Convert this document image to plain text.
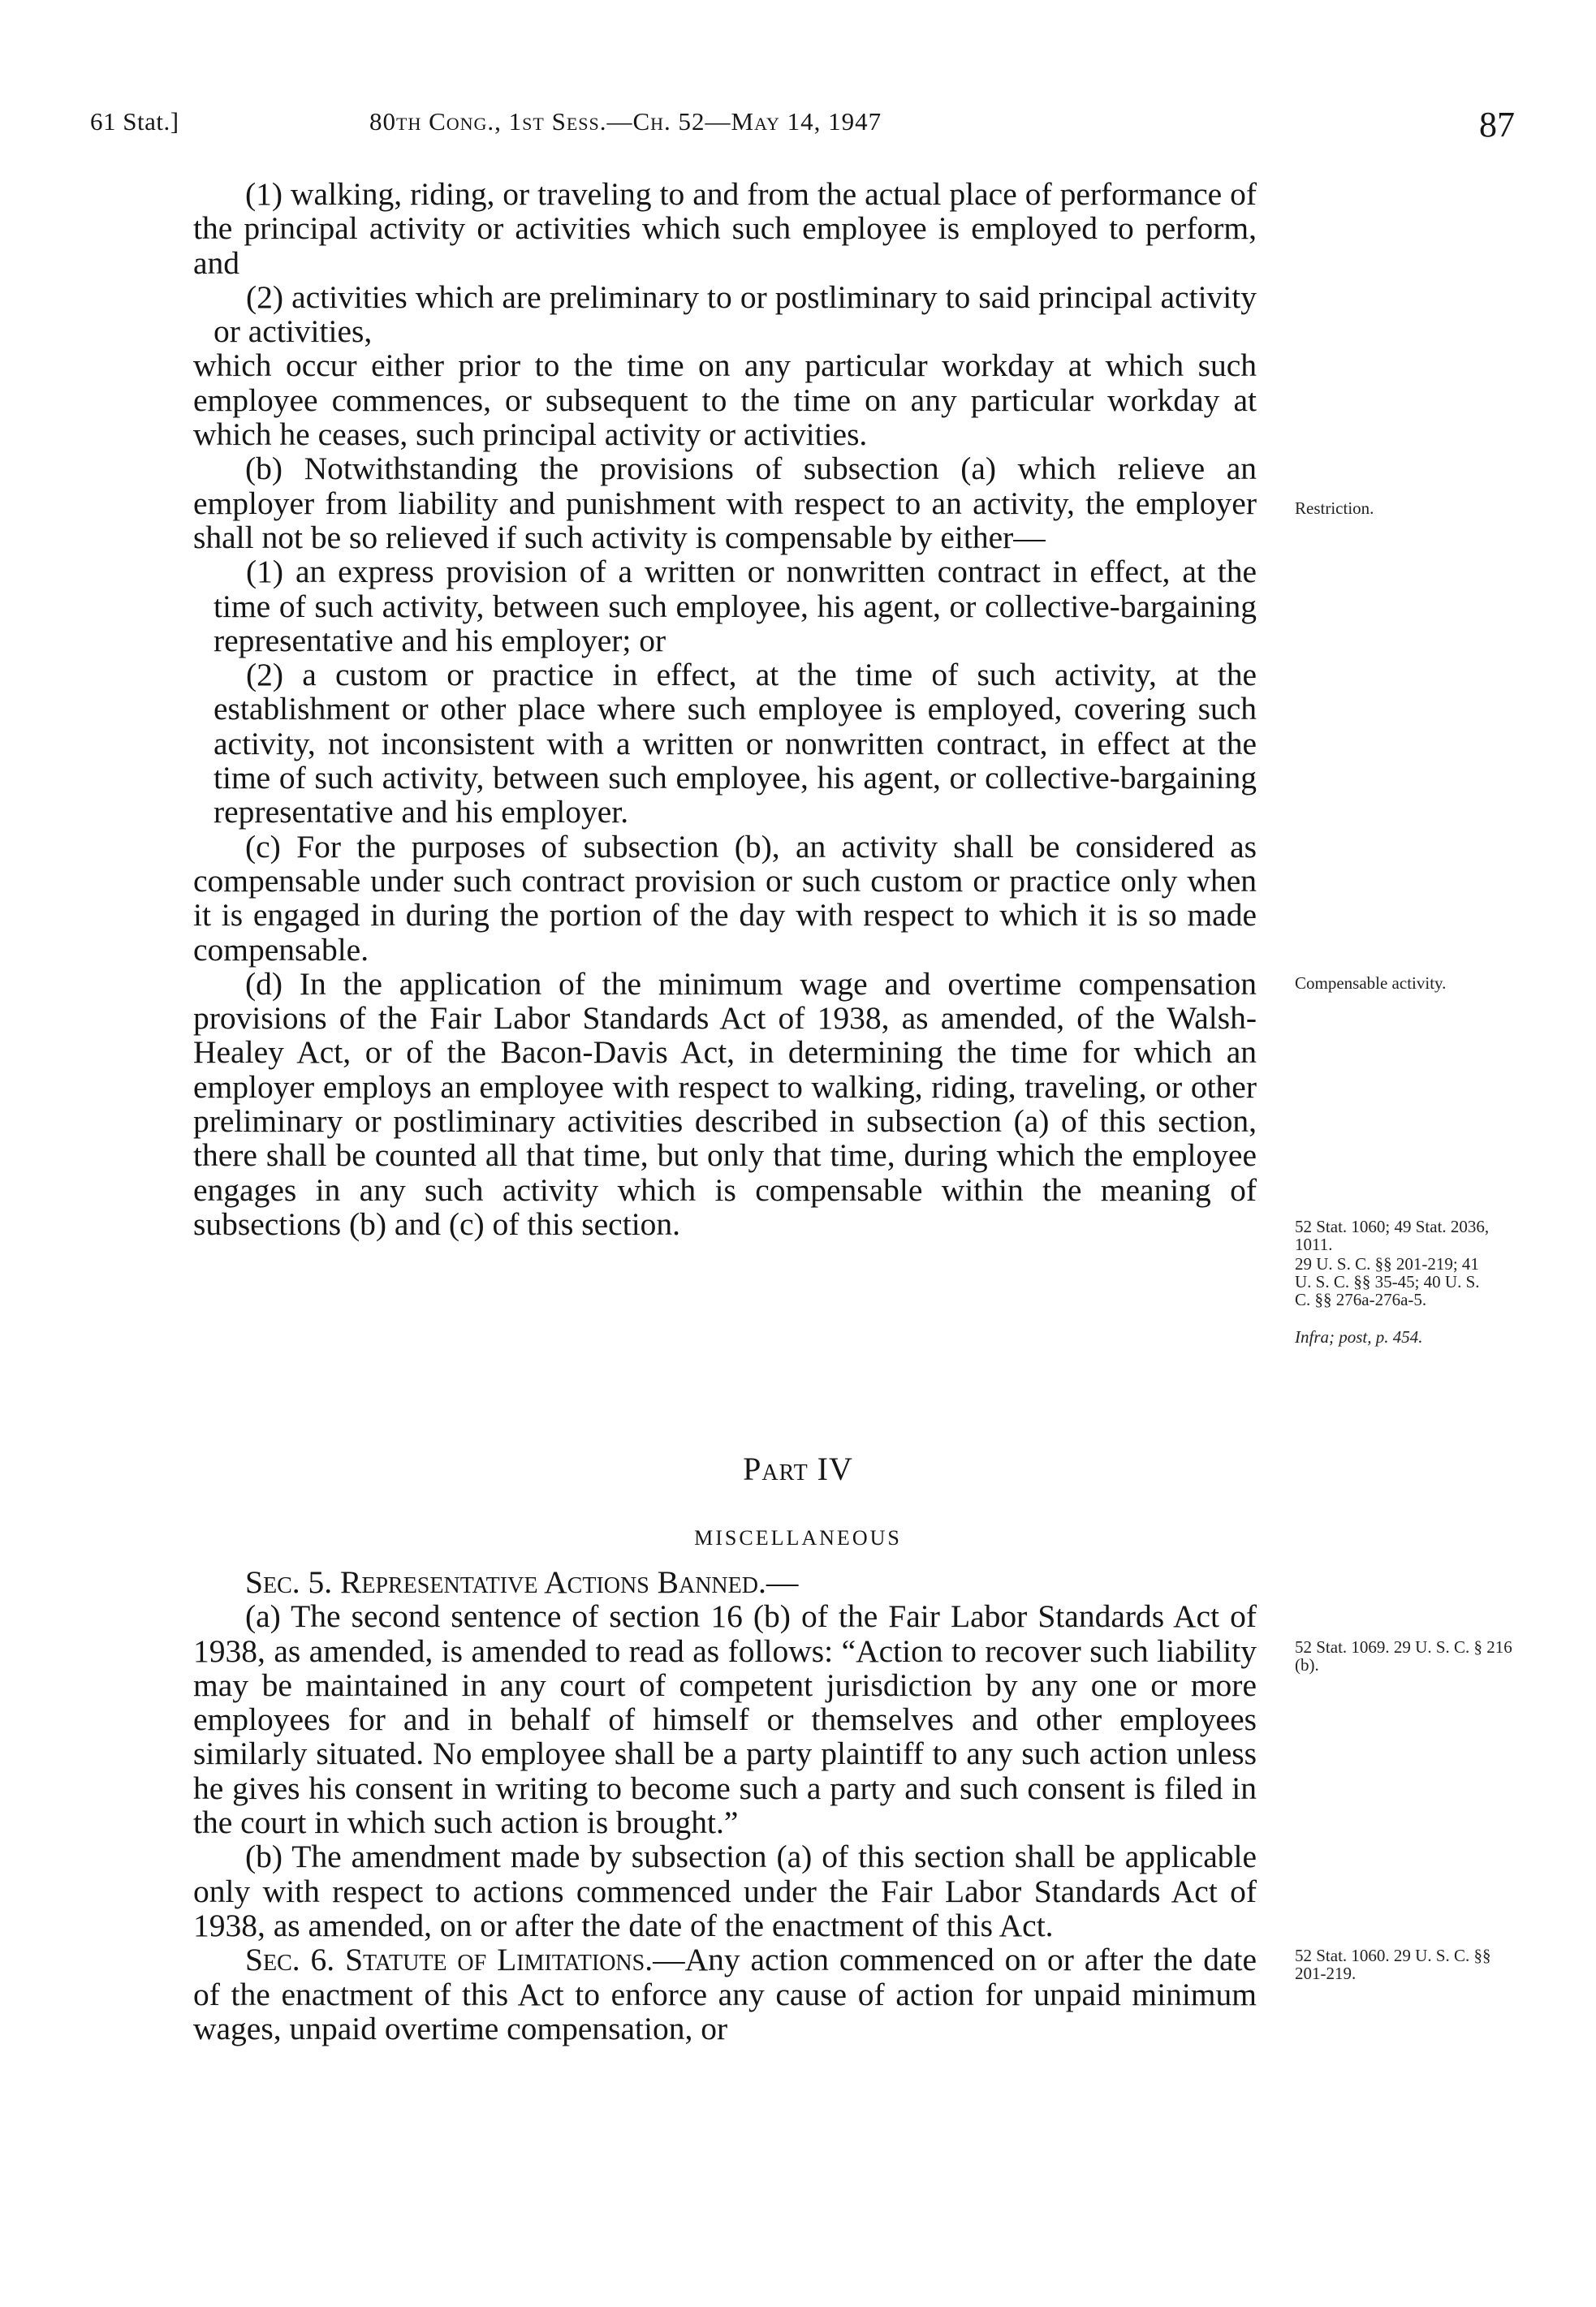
61 Stat.]	80th Cong., 1st Sess.—Ch. 52—May 14, 1947	87

(1) walking, riding, or traveling to and from the actual place of performance of the principal activity or activities which such employee is employed to perform, and

(2) activities which are preliminary to or postliminary to said principal activity or activities,

which occur either prior to the time on any particular workday at which such employee commences, or subsequent to the time on any particular workday at which he ceases, such principal activity or activities.

(b) Notwithstanding the provisions of subsection (a) which relieve an employer from liability and punishment with respect to an activity, the employer shall not be so relieved if such activity is compensable by either—

(1) an express provision of a written or nonwritten contract in effect, at the time of such activity, between such employee, his agent, or collective-bargaining representative and his employer; or

(2) a custom or practice in effect, at the time of such activity, at the establishment or other place where such employee is employed, covering such activity, not inconsistent with a written or nonwritten contract, in effect at the time of such activity, between such employee, his agent, or collective-bargaining representative and his employer.

(c) For the purposes of subsection (b), an activity shall be considered as compensable under such contract provision or such custom or practice only when it is engaged in during the portion of the day with respect to which it is so made compensable.

(d) In the application of the minimum wage and overtime compensation provisions of the Fair Labor Standards Act of 1938, as amended, of the Walsh-Healey Act, or of the Bacon-Davis Act, in determining the time for which an employer employs an employee with respect to walking, riding, traveling, or other preliminary or postliminary activities described in subsection (a) of this section, there shall be counted all that time, but only that time, during which the employee engages in any such activity which is compensable within the meaning of subsections (b) and (c) of this section.

Part IV
MISCELLANEOUS

Sec. 5. Representative Actions Banned.—

(a) The second sentence of section 16 (b) of the Fair Labor Standards Act of 1938, as amended, is amended to read as follows: “Action to recover such liability may be maintained in any court of competent jurisdiction by any one or more employees for and in behalf of himself or themselves and other employees similarly situated. No employee shall be a party plaintiff to any such action unless he gives his consent in writing to become such a party and such consent is filed in the court in which such action is brought.”

(b) The amendment made by subsection (a) of this section shall be applicable only with respect to actions commenced under the Fair Labor Standards Act of 1938, as amended, on or after the date of the enactment of this Act.

Sec. 6. Statute of Limitations.—Any action commenced on or after the date of the enactment of this Act to enforce any cause of action for unpaid minimum wages, unpaid overtime compensation, or

Restriction.
Compensable activity.
52 Stat. 1060; 49 Stat. 2036, 1011.
29 U. S. C. §§ 201-219; 41 U. S. C. §§ 35-45; 40 U. S. C. §§ 276a-276a-5.
Infra; post, p. 454.
52 Stat. 1069. 29 U. S. C. § 216 (b).
52 Stat. 1060. 29 U. S. C. §§ 201-219.
